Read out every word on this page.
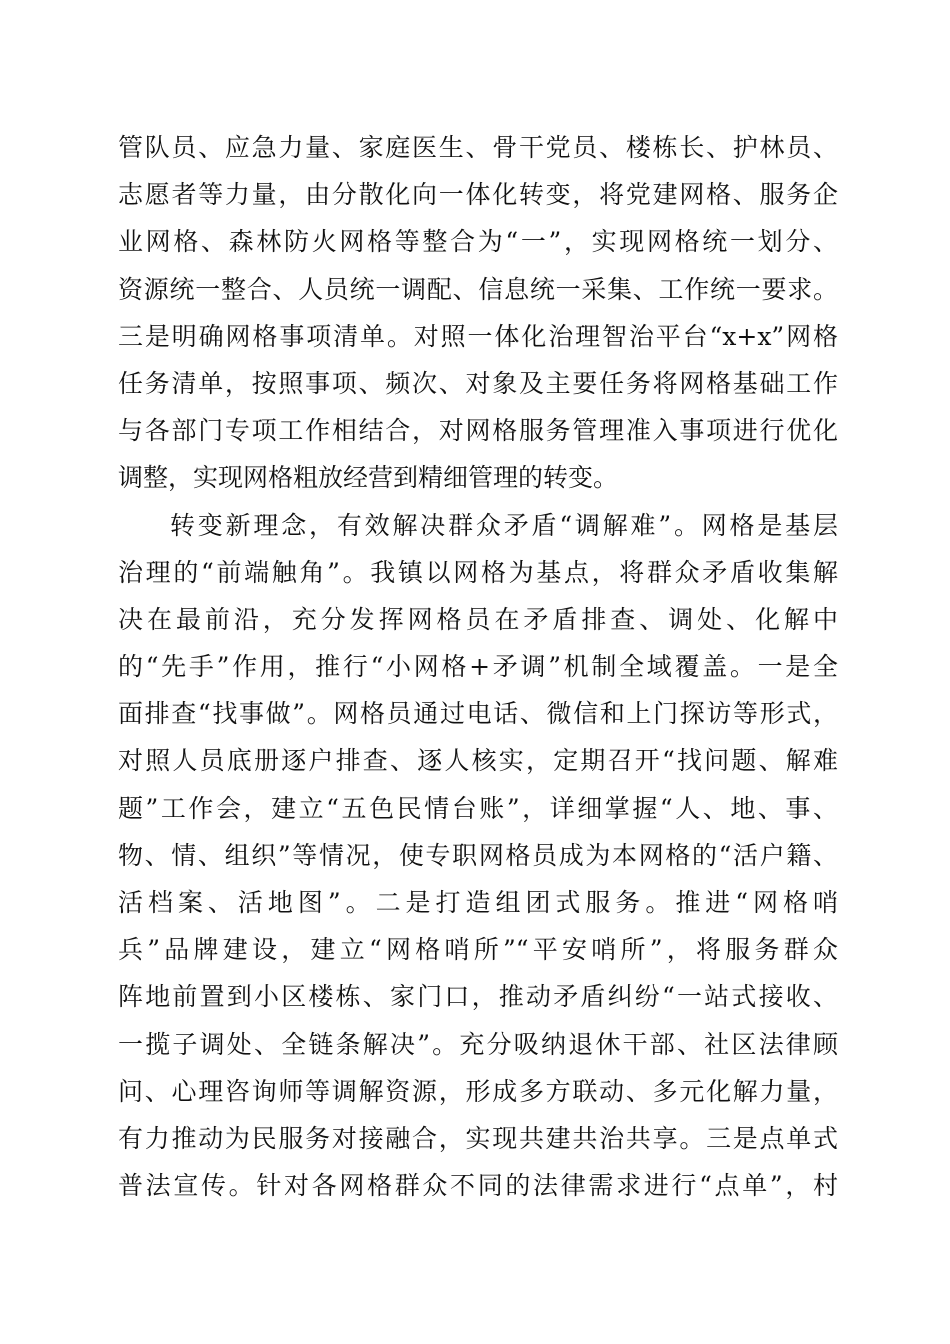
管队员、应急力量、家庭医生、骨干党员、楼栋长、护林员、
志愿者等力量，由分散化向一体化转变，将党建网格、服务企
业网格、森林防火网格等整合为“一”，实现网格统一划分、
资源统一整合、人员统一调配、信息统一采集、工作统一要求。
三是明确网格事项清单。对照一体化治理智治平台“x+x”网格
任务清单，按照事项、频次、对象及主要任务将网格基础工作
与各部门专项工作相结合，对网格服务管理准入事项进行优化
调整，实现网格粗放经营到精细管理的转变。
转变新理念，有效解决群众矛盾“调解难”。网格是基层
治理的“前端触角”。我镇以网格为基点，将群众矛盾收集解
决在最前沿，充分发挥网格员在矛盾排查、调处、化解中
的“先手”作用，推行“小网格+矛调”机制全域覆盖。一是全
面排查“找事做”。网格员通过电话、微信和上门探访等形式，
对照人员底册逐户排查、逐人核实，定期召开“找问题、解难
题”工作会，建立“五色民情台账”，详细掌握“人、地、事、
物、情、组织”等情况，使专职网格员成为本网格的“活户籍、
活档案、活地图”。二是打造组团式服务。推进“网格哨
兵”品牌建设，建立“网格哨所”“平安哨所”，将服务群众
阵地前置到小区楼栋、家门口，推动矛盾纠纷“一站式接收、
一揽子调处、全链条解决”。充分吸纳退休干部、社区法律顾
问、心理咨询师等调解资源，形成多方联动、多元化解力量，
有力推动为民服务对接融合，实现共建共治共享。三是点单式
普法宣传。针对各网格群众不同的法律需求进行“点单”，村
